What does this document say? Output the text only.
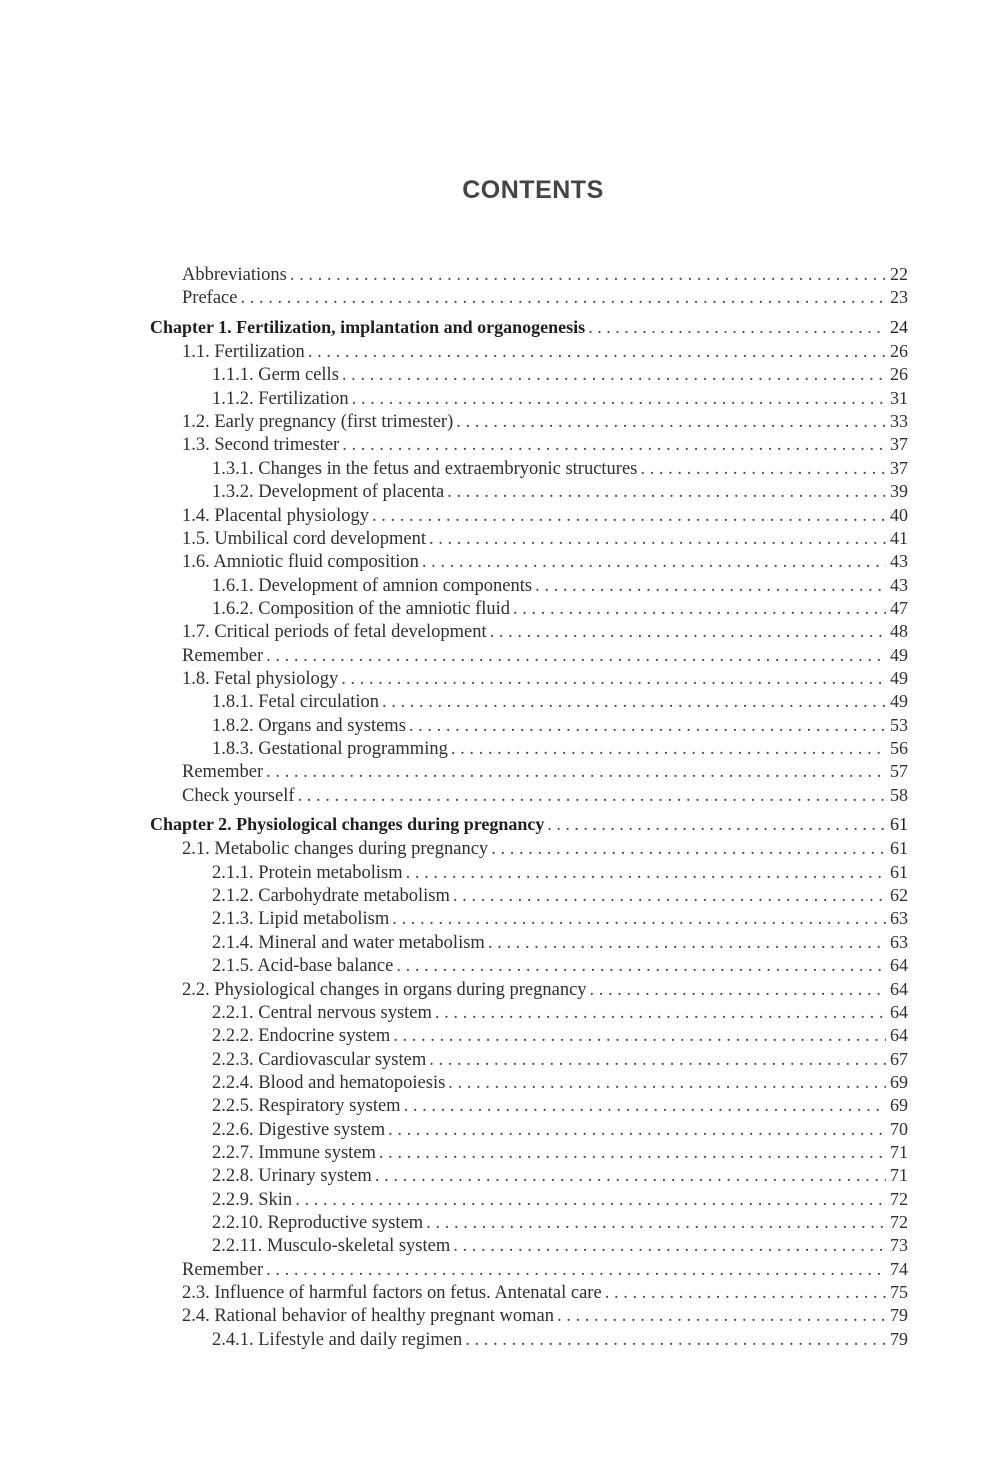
CONTENTS
Abbreviations . . .	22
Preface . . .	23
Chapter 1. Fertilization, implantation and organogenesis . . .	24
1.1. Fertilization . . .	26
1.1.1. Germ cells . . .	26
1.1.2. Fertilization . . .	31
1.2. Early pregnancy (first trimester) . . .	33
1.3. Second trimester . . .	37
1.3.1. Changes in the fetus and extraembryonic structures . . .	37
1.3.2. Development of placenta . . .	39
1.4. Placental physiology . . .	40
1.5. Umbilical cord development . . .	41
1.6. Amniotic fluid composition . . .	43
1.6.1. Development of amnion components . . .	43
1.6.2. Composition of the amniotic fluid . . .	47
1.7. Critical periods of fetal development . . .	48
Remember . . .	49
1.8. Fetal physiology . . .	49
1.8.1. Fetal circulation . . .	49
1.8.2. Organs and systems . . .	53
1.8.3. Gestational programming . . .	56
Remember . . .	57
Check yourself . . .	58
Chapter 2. Physiological changes during pregnancy . . .	61
2.1. Metabolic changes during pregnancy . . .	61
2.1.1. Protein metabolism . . .	61
2.1.2. Carbohydrate metabolism . . .	62
2.1.3. Lipid metabolism . . .	63
2.1.4. Mineral and water metabolism . . .	63
2.1.5. Acid-base balance . . .	64
2.2. Physiological changes in organs during pregnancy . . .	64
2.2.1. Central nervous system . . .	64
2.2.2. Endocrine system . . .	64
2.2.3. Cardiovascular system . . .	67
2.2.4. Blood and hematopoiesis . . .	69
2.2.5. Respiratory system . . .	69
2.2.6. Digestive system . . .	70
2.2.7. Immune system . . .	71
2.2.8. Urinary system . . .	71
2.2.9. Skin . . .	72
2.2.10. Reproductive system . . .	72
2.2.11. Musculo-skeletal system . . .	73
Remember . . .	74
2.3. Influence of harmful factors on fetus. Antenatal care . . .	75
2.4. Rational behavior of healthy pregnant woman . . .	79
2.4.1. Lifestyle and daily regimen . . .	79
